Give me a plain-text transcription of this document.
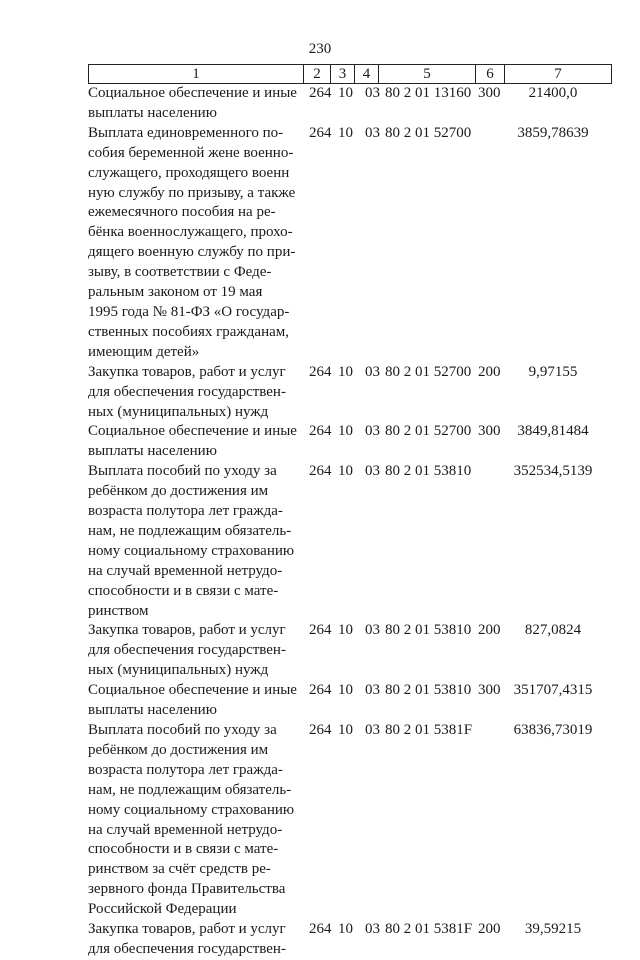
230
1	2	3	4	5	6	7
Социальное обеспечение и иные
выплаты населению
264 10 03 80 2 01 13160 300	21400,0
Выплата единовременного по-
собия беременной жене военно-
служащего, проходящего военн
ную службу по призыву, а также
ежемесячного пособия на ре-
бёнка военнослужащего, прохо-
дящего военную службу по при-
зыву, в соответствии с Феде-
ральным законом от 19 мая
1995 года № 81-ФЗ «О государ-
ственных пособиях гражданам,
имеющим детей»
264 10 03 80 2 01 52700	3859,78639
Закупка товаров, работ и услуг
для обеспечения государствен-
ных (муниципальных) нужд
264 10 03 80 2 01 52700 200	9,97155
Социальное обеспечение и иные
выплаты населению
264 10 03 80 2 01 52700 300	3849,81484
Выплата пособий по уходу за
ребёнком до достижения им
возраста полутора лет гражда-
нам, не подлежащим обязатель-
ному социальному страхованию
на случай временной нетрудо-
способности и в связи с мате-
ринством
264 10 03 80 2 01 53810	352534,5139
Закупка товаров, работ и услуг
для обеспечения государствен-
ных (муниципальных) нужд
264 10 03 80 2 01 53810 200	827,0824
Социальное обеспечение и иные
выплаты населению
264 10 03 80 2 01 53810 300 351707,4315
Выплата пособий по уходу за
ребёнком до достижения им
возраста полутора лет гражда-
нам, не подлежащим обязатель-
ному социальному страхованию
на случай временной нетрудо-
способности и в связи с мате-
ринством за счёт средств ре-
зервного фонда Правительства
Российской Федерации
264 10 03 80 2 01 5381F	63836,73019
Закупка товаров, работ и услуг
для обеспечения государствен-
264 10 03 80 2 01 5381F 200	39,59215
